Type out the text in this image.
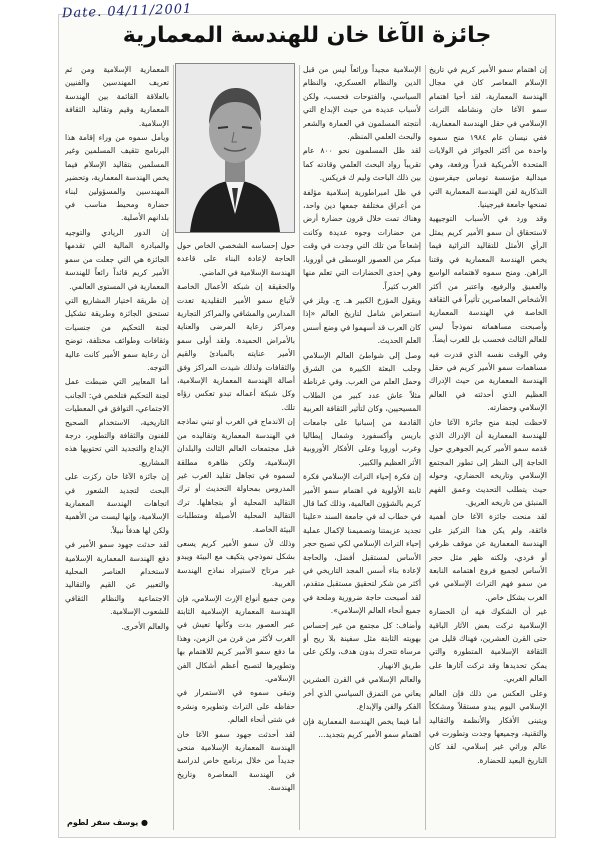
جائزة الآغا خان للهندسة المعمارية

إن اهتمام سمو الأمير كريم في تاريخ الإسلام المعاصر كان في مجال الهندسة المعمارية، لقد أحيا اهتمام سمو الآغا خان ونشاطه التراث الإسلامي في حقل الهندسة المعمارية.

ففي نيسان عام ١٩٨٤ منح سموه واحدة من أكثر الجوائز في الولايات المتحدة الأمريكية قدراً ورفعة، وهي ميدالية مؤسسة توماس جيفرسون التذكارية لفن الهندسة المعمارية التي تمنحها جامعة فيرجينيا.

وقد ورد في الأسباب التوجيهية لاستحقاق أن سمو الأمير كريم يمثل الرأي الأمثل للتقاليد التراثية فيما يخص الهندسة المعمارية في وقتنا الراهن. ومنح سموه لاهتمامه الواسع والعميق والرفيع، واعتبر من أكثر الأشخاص المعاصرين تأثيراً في الثقافة الخاصة في الهندسة المعمارية وأصبحت مساهماته نموذجاً ليس للعالم الثالث فحسب بل للغرب أيضاً.

وفي الوقت نفسه الذي قدرت فيه مساهمات سمو الأمير كريم في حقل الهندسة المعمارية من حيث الإدراك العظيم الذي أحدثته في العالم الإسلامي وحضارته.

لاحظت لجنة منح جائزة الآغا خان للهندسة المعمارية أن الإدراك الذي قدمه سمو الأمير كريم الجوهري حول الحاجة إلى النظر إلى تطور المجتمع الإسلامي وتاريخه الحضاري، وحوله حيث يتطلب التحديث وعمق الفهم المنبثق من تاريخه العريق.

لقد منحت جائزة الآغا خان أهمية فائقة، ولم يكن هذا التركيز على الهندسة المعمارية عن موقف ظرفي أو فردي، ولكنه ظهر مثل حجر الأساس لجميع فروع اهتمامه النابعة من سمو فهم التراث الإسلامي في الغرب بشكل خاص.

غير أن الشكوك فيه أن الحضارة الإسلامية تركت بعض الآثار الباقية حتى القرن العشرين، فهناك قليل من الثقافة الإسلامية المتطورة والتي يمكن تحديدها وقد تركت آثارها على العالم الغربي.

وعلى العكس من ذلك فإن العالم الإسلامي اليوم يبدو مستقلاً ومشككاً ويتبنى الأفكار والأنظمة والتقاليد والتقنية، وجميعها وجدت وتطورت في عالم وراثي غير إسلامي، لقد كان التاريخ البعيد للحضارة.

الإسلامية مجيداً ورائعاً ليس من قبل الدين والنظام العسكري، والنظام السياسي، والفتوحات فحسب، ولكن لأسباب عديدة من حيث الإبداع التي أنتجته المسلمون في العمارة والشعر والبحث العلمي المنظم.

لقد ظل المسلمون نحو ٨٠٠ عام تقريباً رواد البحث العلمي وقادته كما بين ذلك الباحث وليم ك فريكس.

في ظل امبراطورية إسلامية مؤلفة من أعراق مختلفة جمعها دين واحد، وهناك تمت خلال قرون حضارة أرض من حضارات وجوه عديدة وكانت إشعاعاً من تلك التي وجدت في وقت مبكر من العصور الوسطى في أوروبا، وهي إحدى الحضارات التي تعلم منها الغرب كثيراً.

ويقول المؤرخ الكبير هـ. ج. ويلز في استعراض شامل لتاريخ العالم «إذا كان العرب قد أسهموا في وضع أسس العلم الحديث.

وصل إلى شواطئ العالم الإسلامي وجلب البعثة الكبيرة من الشرق وحمل العلم من الغرب. وفي غرناطة مثلاً عاش عدد كبير من الطلاب المسيحيين، وكان لتأثير الثقافة العربية القادمة من إسبانيا على جامعات باريس وأكسفورد وشمال إيطاليا وغرب أوروبا وعلى الأفكار الأوروبية الأثر العظيم والكبير.

إن فكرة إحياء التراث الإسلامي فكرة ثابتة الأولوية في اهتمام سمو الأمير كريم بالشؤون العالمية، وذلك كما قال في خطاب له في جامعة السند «علينا تجديد عزيمتنا وتصميمنا لإكمال عملية إحياء التراث الإسلامي لكي تصبح حجر الأساس لمستقبل أفضل، والحاجة لإعادة بناء أسس المجد التاريخي في أكثر من شكر لتحقيق مستقبل متقدم، لقد أصبحت حاجة ضرورية وملحة في جميع أنحاء العالم الإسلامي».

وأضاف: كل مجتمع من غير إحساس بهويته الثابتة مثل سفينة بلا ريح أو مرساة تتحرك بدون هدف، ولكن على طريق الانهيار.

والعالم الإسلامي في القرن العشرين يعاني من التمزق السياسي الذي أخر الفكر والفن والإبداع.

أما فيما يخص الهندسة المعمارية فإن اهتمام سمو الأمير كريم بتجديد...

حول إحساسه الشخصي الخاص حول الحاجة لإعادة البناء على قاعدة الهندسة الإسلامية في الماضي.

والحقيقة إن شبكة الأعمال الخاصة لأتباع سمو الأمير التقليدية تعدت المدارس والمشافي والمراكز التجارية ومراكز رعاية المرضى والعناية بالأمراض الحميدة. ولقد أولى سمو الأمير عنايته بالمبادئ والقيم والثقافات ولذلك شيدت المراكز وفق أصالة الهندسة المعمارية الإسلامية، وكل شبكة أعماله تبدو تعكس رؤاه تلك.

إن الاندماج في الغرب أو تبني نماذجه في الهندسة المعمارية وتقاليده من قبل مجتمعات العالم الثالث والبلدان الإسلامية، ولكن ظاهرة مطلقة لسموه في تجاهل تقليد الغرب غير المدروس بمحاولة التحديث أو ترك التقاليد المحلية أو بتجاهلها. ترك التقاليد المحلية الأصيلة ومتطلبات البيئة الخاصة.

وذلك لأن سمو الأمير كريم يسعى بشكل نموذجي يتكيف مع البيئة ويبدو غير مرتاح لاستيراد نماذج الهندسة الغربية.

ومن جميع أنواع الإرث الإسلامي، فإن الهندسة المعمارية الإسلامية الثابتة عبر العصور بدت وكأنها تعيش في الغرب لأكثر من قرن من الزمن، وهذا ما دفع سمو الأمير كريم للاهتمام بها وتطويرها لتصبح أعظم أشكال الفن الإسلامي.

وتبقى سموه في الاستمرار في حفاظه على التراث وتطويره ونشره في شتى أنحاء العالم.

لقد أحدثت جهود سمو الآغا خان الهندسة المعمارية الإسلامية منحى جديداً من خلال برنامج خاص لدراسة فن الهندسة المعاصرة وتاريخ الهندسة.

المعمارية الإسلامية ومن ثم تعريف المهندسين والفنيين بالعلاقة القائمة بين الهندسة المعمارية وقيم وتقاليد الثقافة الإسلامية.

ويأمل سموه من وراء إقامة هذا البرنامج تثقيف المسلمين وغير المسلمين بتقاليد الإسلام فيما يخص الهندسة المعمارية، وتحضير المهندسين والمسؤولين لبناء حضارة ومحيط مناسب في بلدانهم الأصلية.

إن الدور الريادي والتوجيه والمبادرة المالية التي تقدمها الجائزة هي التي جعلت من سمو الأمير كريم قائداً رائعاً للهندسة المعمارية في المستوى العالمي.

إن طريقة اختيار المشاريع التي تستحق الجائزة وطريقة تشكيل لجنة التحكيم من جنسيات وثقافات وطوائف مختلفة، توضح أن رعاية سمو الأمير كانت عالية التوجه.

أما المعايير التي ضبطت عمل لجنة التحكيم فتلخص في: الجانب الاجتماعي، التوافق في المعطيات التاريخية، الاستخدام الصحيح للفنون والثقافة والتطوير، درجة الإبداع والتجديد التي تحتويها هذه المشاريع.

إن جائزة الآغا خان ركزت على البحث لتجديد الشعور في اتجاهات الهندسة المعمارية الإسلامية، وإنها ليست من الأهمية ولكن لها هدفاً نبيلاً.

لقد حدثت جهود سمو الأمير في دفع الهندسة المعمارية الإسلامية لاستخدام العناصر المحلية والتعبير عن القيم والتقاليد الاجتماعية والنظام الثقافي للشعوب الإسلامية.

والعالم الأخرى.

● يوسف سفر لطوم
Date. 04/11/2001
